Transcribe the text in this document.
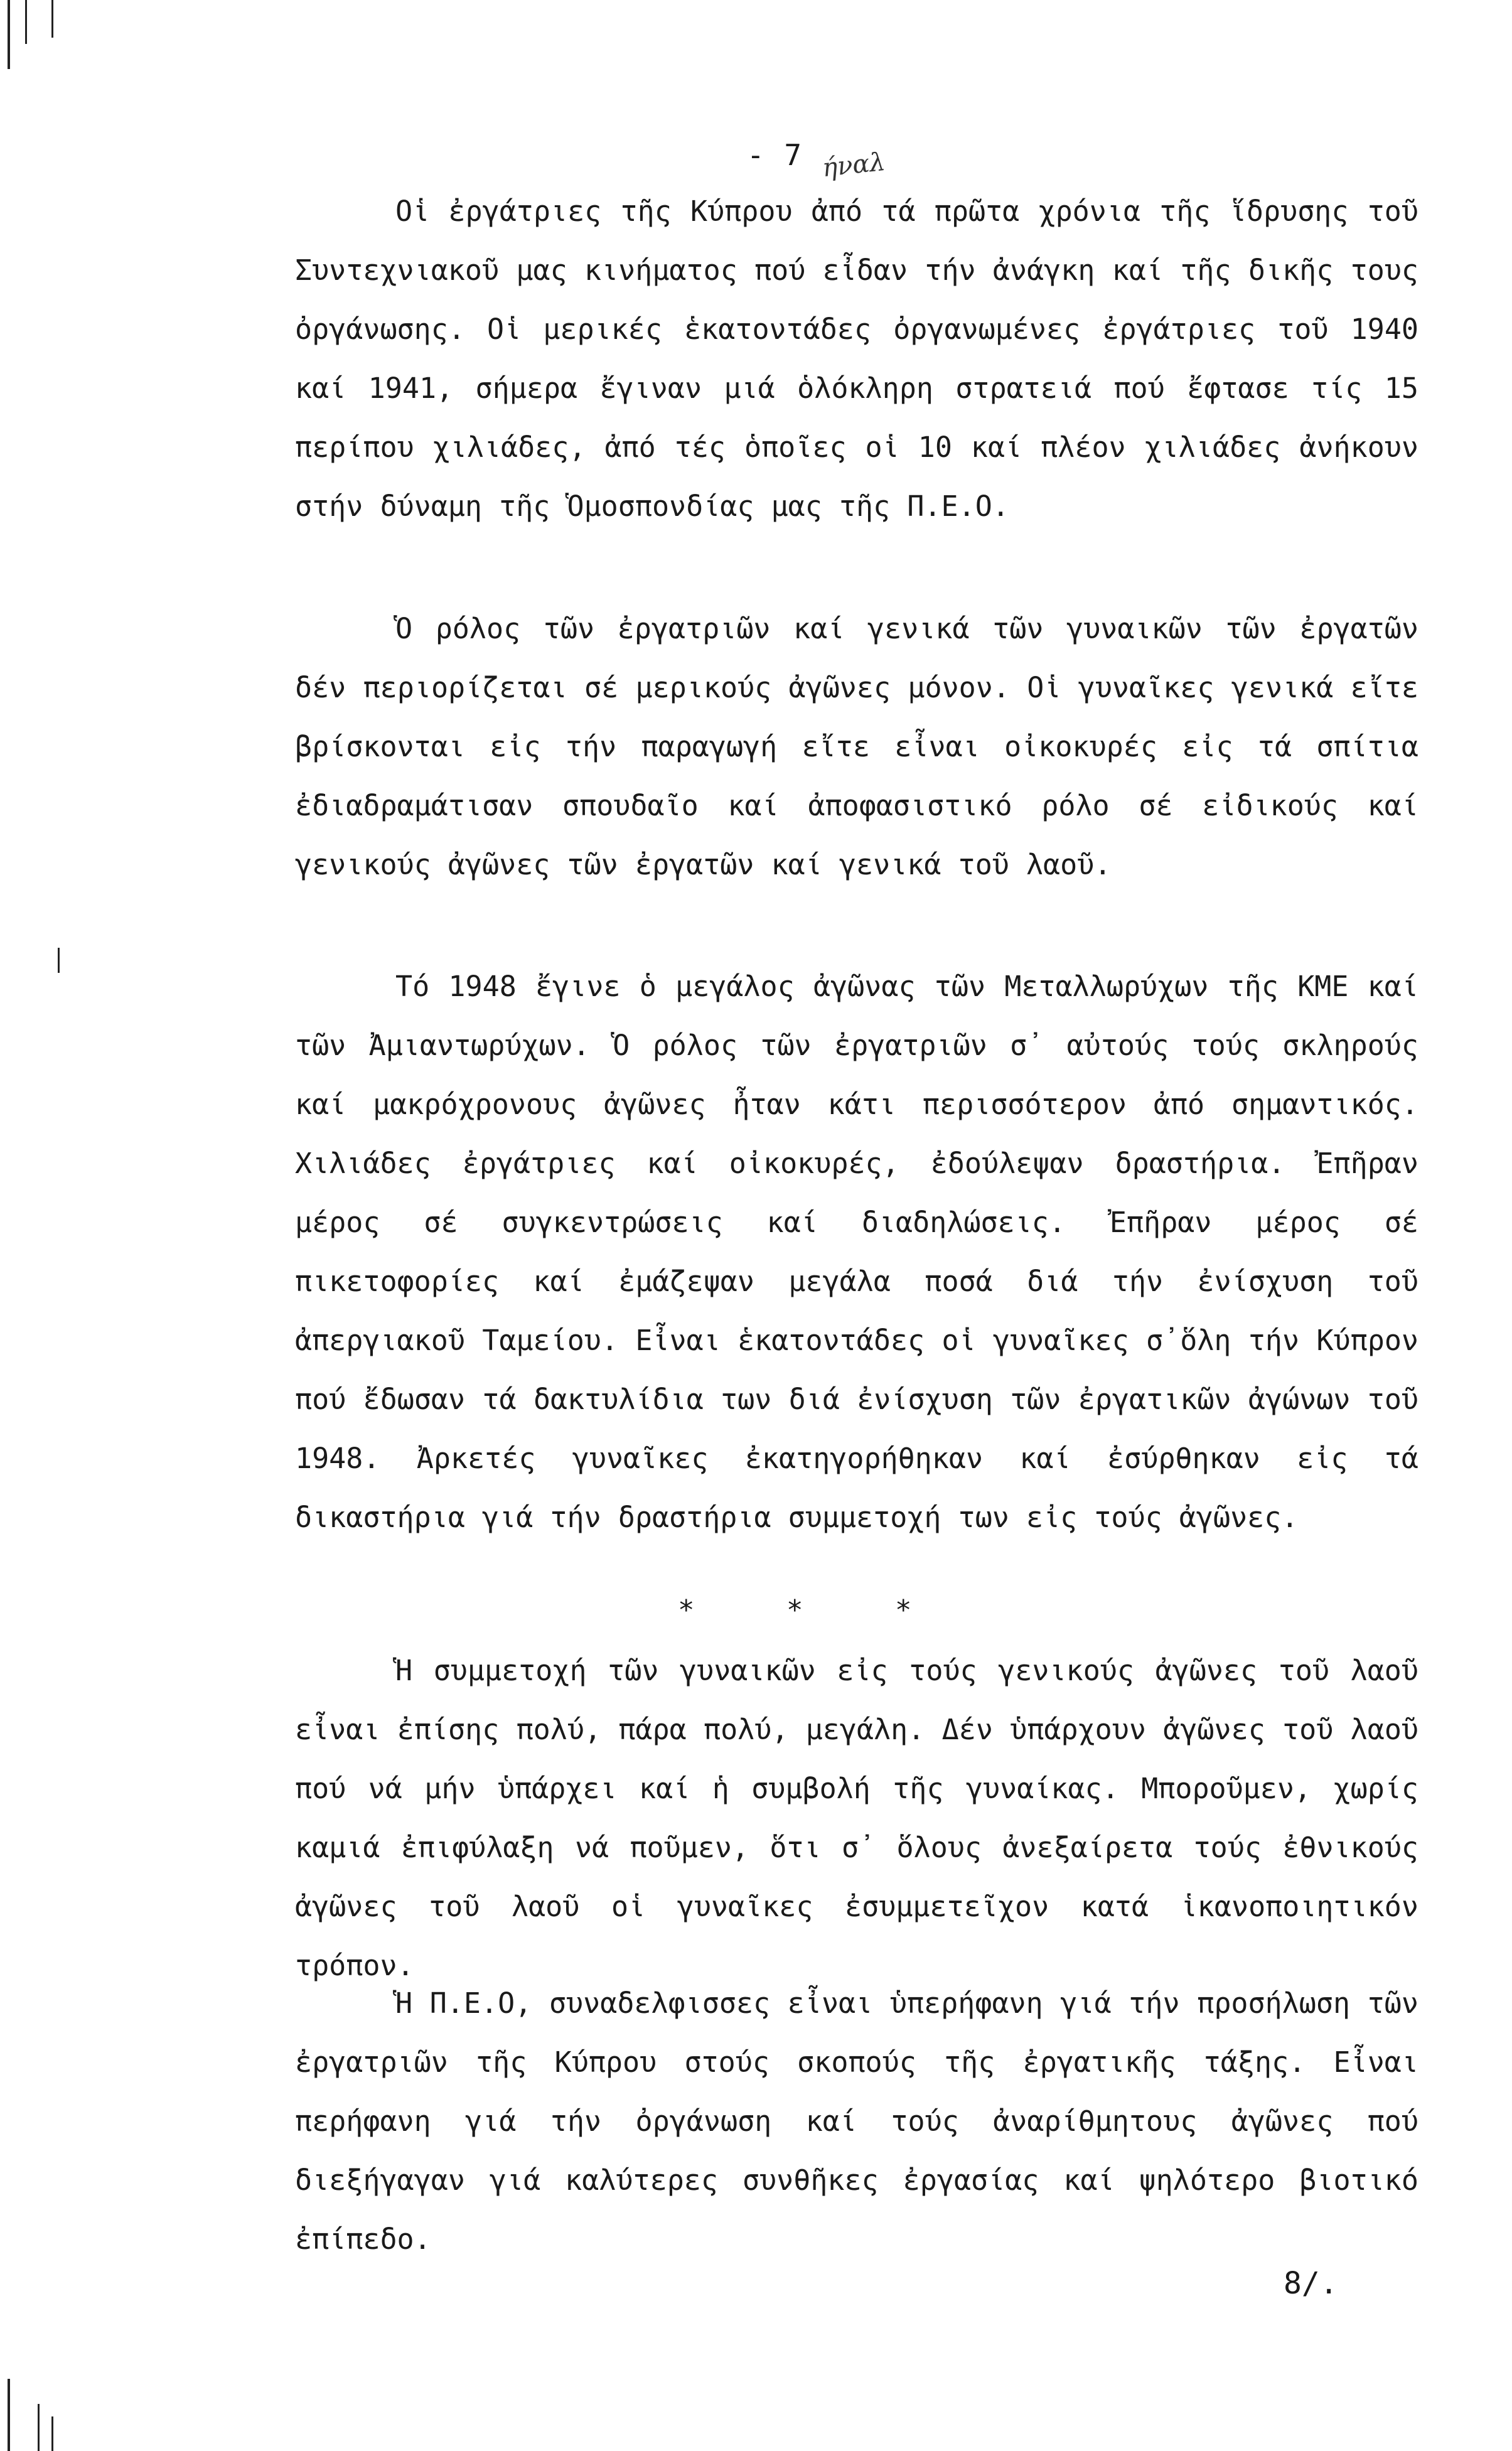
- 7 ήναλ

Οἱ ἐργάτριες τῆς Κύπρου ἀπό τά πρῶτα χρόνια τῆς ἵδρυσης τοῦ Συντεχνιακοῦ μας κινήματος πού εἶδαν τήν ἀνάγκη καί τῆς δικῆς τους ὀργάνωσης. Οἱ μερικές ἑκατοντάδες ὀργανωμένες ἐργάτριες τοῦ 1940 καί 1941, σήμερα ἔγιναν μιά ὁλόκληρη στρατειά πού ἔφτασε τίς 15 περίπου χιλιάδες, ἀπό τές ὁποῖες οἱ 10 καί πλέον χιλιάδες ἀνήκουν στήν δύναμη τῆς Ὁμοσπονδίας μας τῆς Π.Ε.Ο.

Ὁ ρόλος τῶν ἐργατριῶν καί γενικά τῶν γυναικῶν τῶν ἐργατῶν δέν περιορίζεται σέ μερικούς ἀγῶνες μόνον. Οἱ γυναῖκες γενικά εἴτε βρίσκονται εἰς τήν παραγωγή εἴτε εἶναι οἰκοκυρές εἰς τά σπίτια ἐδιαδραμάτισαν σπουδαῖο καί ἀποφασιστικό ρόλο σέ εἰδικούς καί γενικούς ἀγῶνες τῶν ἐργατῶν καί γενικά τοῦ λαοῦ.

Τό 1948 ἔγινε ὁ μεγάλος ἀγῶνας τῶν Μεταλλωρύχων τῆς ΚΜΕ καί τῶν Ἀμιαντωρύχων. Ὁ ρόλος τῶν ἐργατριῶν σ᾿ αὐτούς τούς σκληρούς καί μακρόχρονους ἀγῶνες ἦταν κάτι περισσότερον ἀπό σημαντικός. Χιλιάδες ἐργάτριες καί οἰκοκυρές, ἐδούλεψαν δραστήρια. Ἐπῆραν μέρος σέ συγκεντρώσεις καί διαδηλώσεις. Ἐπῆραν μέρος σέ πικετοφορίες καί ἐμάζεψαν μεγάλα ποσά διά τήν ἐνίσχυση τοῦ ἀπεργιακοῦ Ταμείου. Εἶναι ἑκατοντάδες οἱ γυναῖκες σ᾿ὅλη τήν Κύπρον πού ἔδωσαν τά δακτυλίδια των διά ἐνίσχυση τῶν ἐργατικῶν ἀγώνων τοῦ 1948. Ἀρκετές γυναῖκες ἐκατηγορήθηκαν καί ἐσύρθηκαν εἰς τά δικαστήρια γιά τήν δραστήρια συμμετοχή των εἰς τούς ἀγῶνες.

* * *

Ἡ συμμετοχή τῶν γυναικῶν εἰς τούς γενικούς ἀγῶνες τοῦ λαοῦ εἶναι ἐπίσης πολύ, πάρα πολύ, μεγάλη. Δέν ὑπάρχουν ἀγῶνες τοῦ λαοῦ πού νά μήν ὑπάρχει καί ἡ συμβολή τῆς γυναίκας. Μποροῦμεν, χωρίς καμιά ἐπιφύλαξη νά ποῦμεν, ὅτι σ᾿ ὅλους ἀνεξαίρετα τούς ἐθνικούς ἀγῶνες τοῦ λαοῦ οἱ γυναῖκες ἐσυμμετεῖχον κατά ἱκανοποιητικόν τρόπον.

Ἡ Π.Ε.Ο, συναδελφισσες εἶναι ὑπερήφανη γιά τήν προσήλωση τῶν ἐργατριῶν τῆς Κύπρου στούς σκοπούς τῆς ἐργατικῆς τάξης. Εἶναι περήφανη γιά τήν ὀργάνωση καί τούς ἀναρίθμητους ἀγῶνες πού διεξήγαγαν γιά καλύτερες συνθῆκες ἐργασίας καί ψηλότερο βιοτικό ἐπίπεδο.

8/.
